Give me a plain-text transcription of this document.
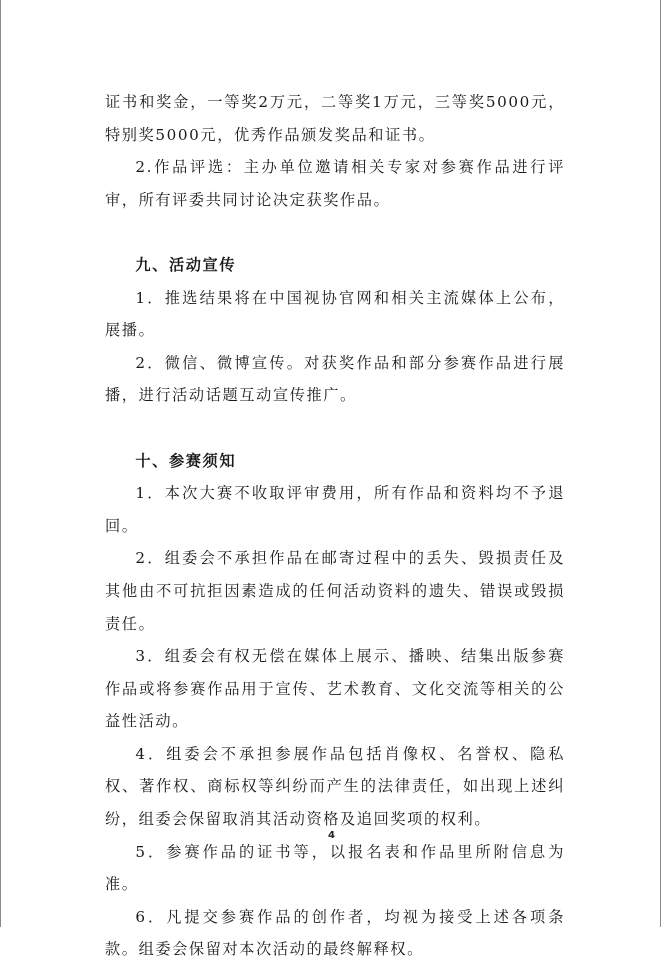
证书和奖金，一等奖2万元，二等奖1万元，三等奖5000元，特别奖5000元，优秀作品颁发奖品和证书。

2.作品评选：主办单位邀请相关专家对参赛作品进行评审，所有评委共同讨论决定获奖作品。

九、活动宣传

1．推选结果将在中国视协官网和相关主流媒体上公布，展播。

2．微信、微博宣传。对获奖作品和部分参赛作品进行展播，进行活动话题互动宣传推广。

十、参赛须知

1．本次大赛不收取评审费用，所有作品和资料均不予退回。

2．组委会不承担作品在邮寄过程中的丢失、毁损责任及其他由不可抗拒因素造成的任何活动资料的遗失、错误或毁损责任。

3．组委会有权无偿在媒体上展示、播映、结集出版参赛作品或将参赛作品用于宣传、艺术教育、文化交流等相关的公益性活动。

4．组委会不承担参展作品包括肖像权、名誉权、隐私权、著作权、商标权等纠纷而产生的法律责任，如出现上述纠纷，组委会保留取消其活动资格及追回奖项的权利。

5．参赛作品的证书等，以报名表和作品里所附信息为准。

6．凡提交参赛作品的创作者，均视为接受上述各项条款。组委会保留对本次活动的最终解释权。

4
